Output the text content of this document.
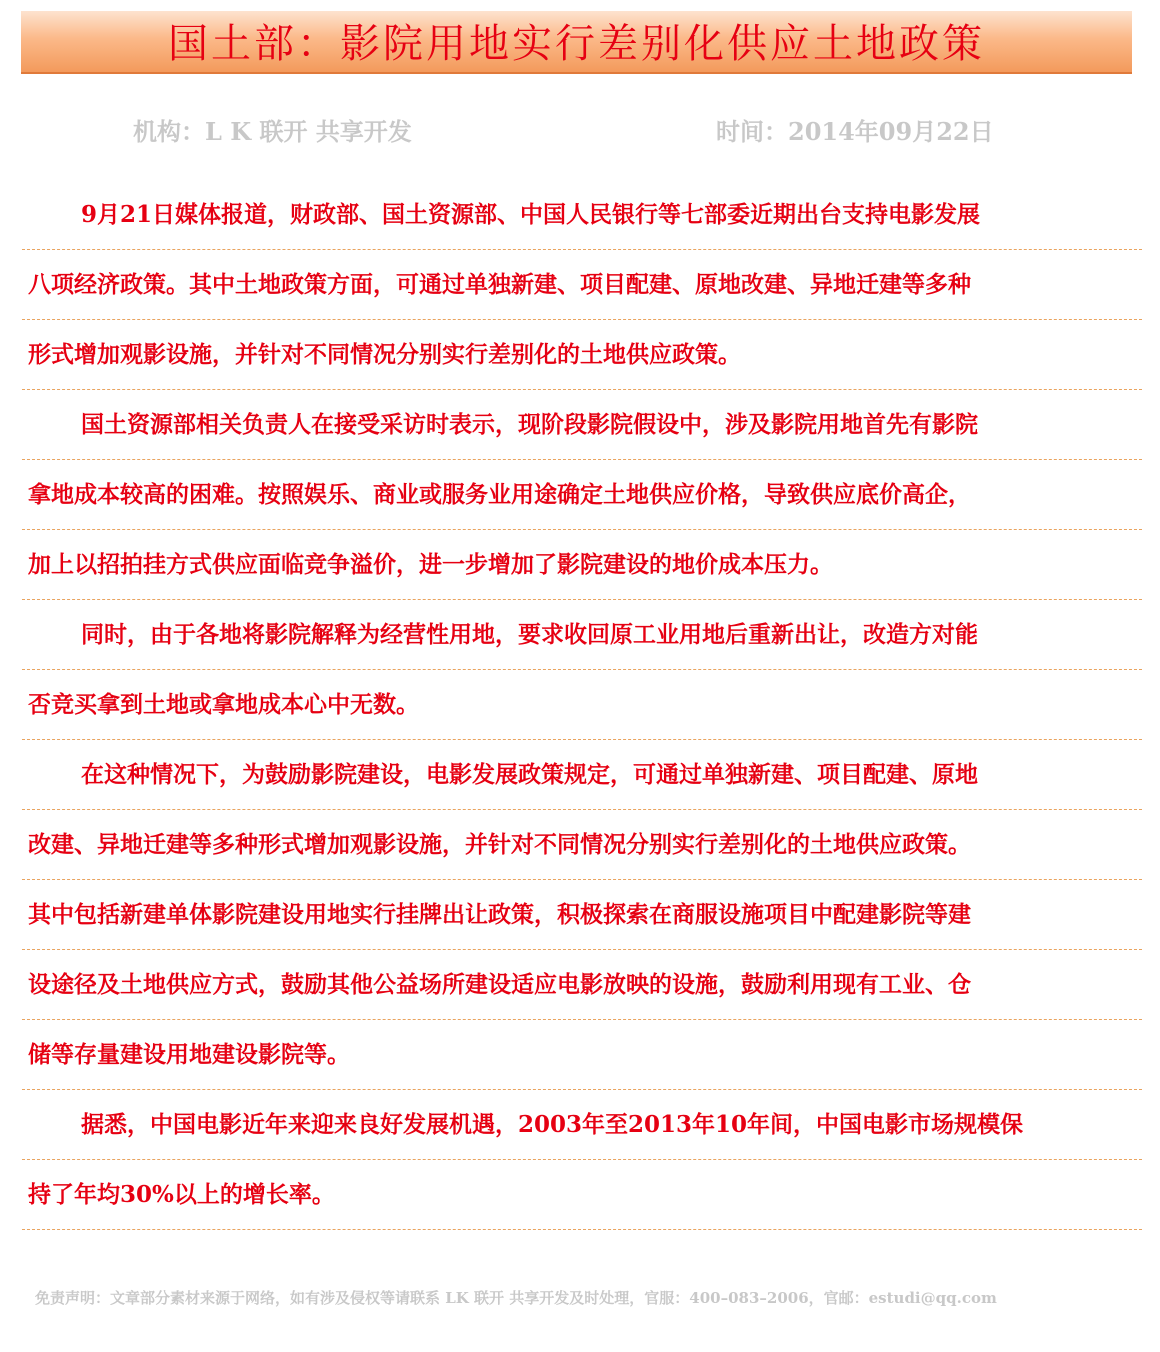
国土部：影院用地实行差别化供应土地政策
机构：L K 联开 共享开发	时间：2014年09月22日
9月21日媒体报道，财政部、国土资源部、中国人民银行等七部委近期出台支持电影发展
八项经济政策。其中土地政策方面，可通过单独新建、项目配建、原地改建、异地迁建等多种
形式增加观影设施，并针对不同情况分别实行差别化的土地供应政策。
国土资源部相关负责人在接受采访时表示，现阶段影院假设中，涉及影院用地首先有影院
拿地成本较高的困难。按照娱乐、商业或服务业用途确定土地供应价格，导致供应底价高企，
加上以招拍挂方式供应面临竞争溢价，进一步增加了影院建设的地价成本压力。
同时，由于各地将影院解释为经营性用地，要求收回原工业用地后重新出让，改造方对能
否竞买拿到土地或拿地成本心中无数。
在这种情况下，为鼓励影院建设，电影发展政策规定，可通过单独新建、项目配建、原地
改建、异地迁建等多种形式增加观影设施，并针对不同情况分别实行差别化的土地供应政策。
其中包括新建单体影院建设用地实行挂牌出让政策，积极探索在商服设施项目中配建影院等建
设途径及土地供应方式，鼓励其他公益场所建设适应电影放映的设施，鼓励利用现有工业、仓
储等存量建设用地建设影院等。
据悉，中国电影近年来迎来良好发展机遇，2003年至2013年10年间，中国电影市场规模保
持了年均30%以上的增长率。
免责声明：文章部分素材来源于网络，如有涉及侵权等请联系 LK 联开 共享开发及时处理，官服：400–083–2006，官邮：estudi@qq.com
